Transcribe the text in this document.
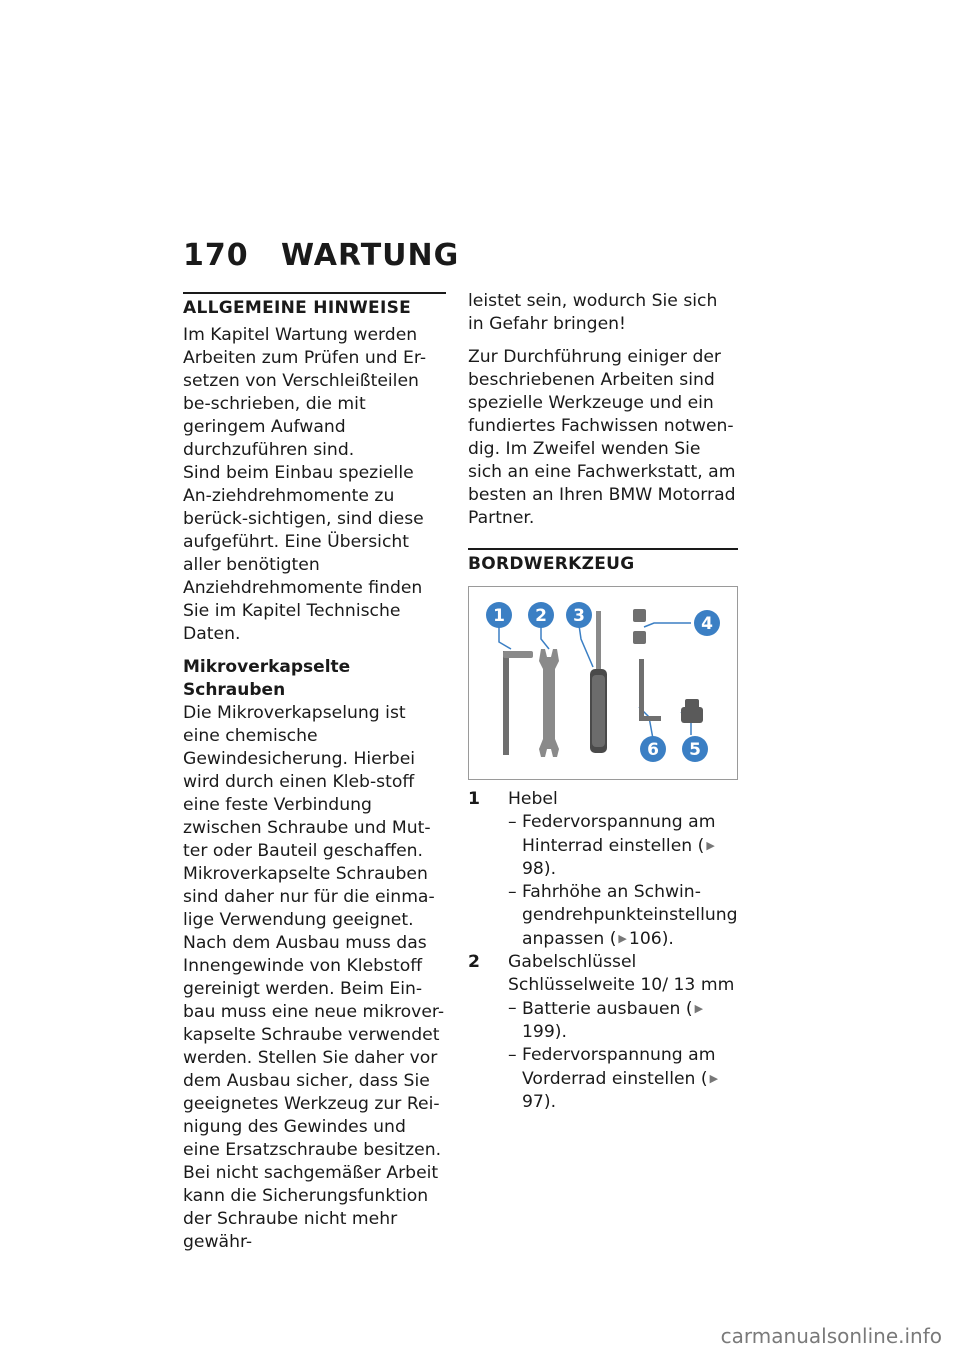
170 WARTUNG
ALLGEMEINE HINWEISE

Im Kapitel Wartung werden Arbeiten zum Prüfen und Er-setzen von Verschleißteilen be-schrieben, die mit geringem Aufwand durchzuführen sind.

Sind beim Einbau spezielle An-ziehdrehmomente zu berück-sichtigen, sind diese aufgeführt. Eine Übersicht aller benötigten Anziehdrehmomente finden Sie im Kapitel Technische Daten.

Mikroverkapselte Schrauben

Die Mikroverkapselung ist eine chemische Gewindesicherung. Hierbei wird durch einen Kleb-stoff eine feste Verbindung zwischen Schraube und Mut-ter oder Bauteil geschaffen. Mikroverkapselte Schrauben sind daher nur für die einma-lige Verwendung geeignet.

Nach dem Ausbau muss das Innengewinde von Klebstoff gereinigt werden. Beim Ein-bau muss eine neue mikrover-kapselte Schraube verwendet werden. Stellen Sie daher vor dem Ausbau sicher, dass Sie geeignetes Werkzeug zur Rei-nigung des Gewindes und eine Ersatzschraube besitzen. Bei nicht sachgemäßer Arbeit kann die Sicherungsfunktion der Schraube nicht mehr gewähr-

leistet sein, wodurch Sie sich in Gefahr bringen!

Zur Durchführung einiger der beschriebenen Arbeiten sind spezielle Werkzeuge und ein fundiertes Fachwissen notwen-dig. Im Zweifel wenden Sie sich an eine Fachwerkstatt, am besten an Ihren BMW Motorrad Partner.

BORDWERKZEUG
1 2 3	4
5
6
1	Hebel
– Federvorspannung am Hinterrad einstellen ( ▶98).
– Fahrhöhe an Schwin-gendrehpunkteinstellung anpassen ( ▶ 106).
2	Gabelschlüssel
Schlüsselweite 10/ 13 mm
– Batterie ausbauen ( ▶199).
– Federvorspannung am Vorderrad einstellen ( ▶97).
carmanualsonline.info
